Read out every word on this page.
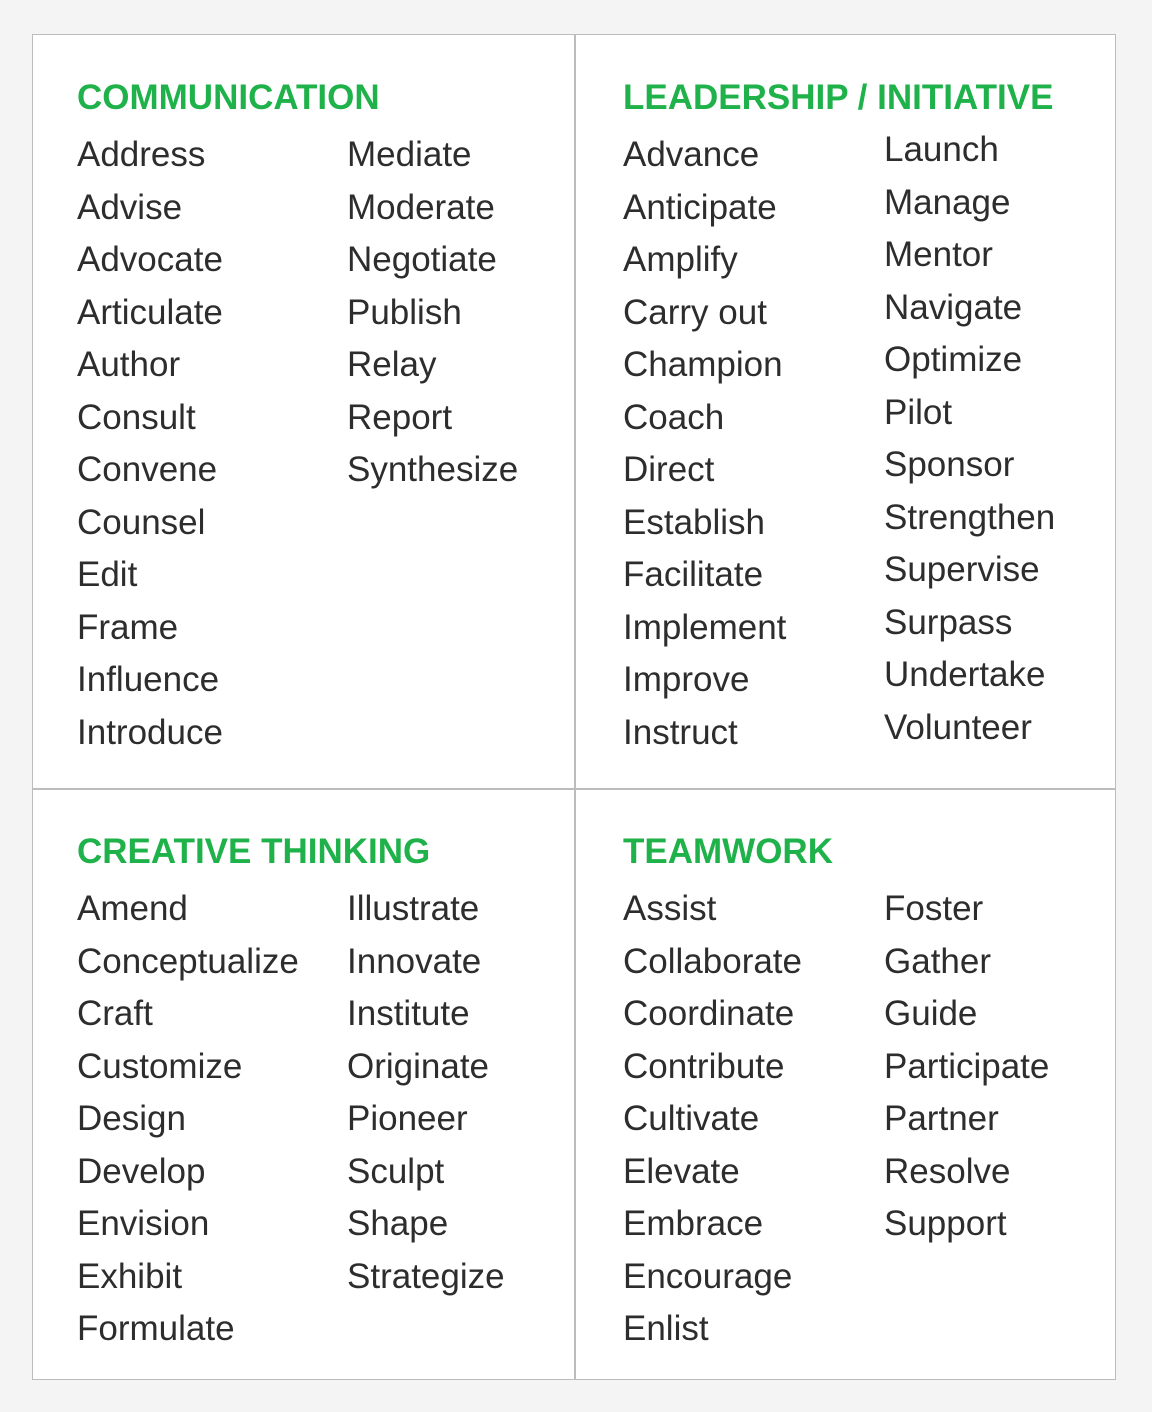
COMMUNICATION
Address
Advise
Advocate
Articulate
Author
Consult
Convene
Counsel
Edit
Frame
Influence
Introduce
Mediate
Moderate
Negotiate
Publish
Relay
Report
Synthesize
LEADERSHIP / INITIATIVE
Advance
Anticipate
Amplify
Carry out
Champion
Coach
Direct
Establish
Facilitate
Implement
Improve
Instruct
Launch
Manage
Mentor
Navigate
Optimize
Pilot
Sponsor
Strengthen
Supervise
Surpass
Undertake
Volunteer
CREATIVE THINKING
Amend
Conceptualize
Craft
Customize
Design
Develop
Envision
Exhibit
Formulate
Illustrate
Innovate
Institute
Originate
Pioneer
Sculpt
Shape
Strategize
TEAMWORK
Assist
Collaborate
Coordinate
Contribute
Cultivate
Elevate
Embrace
Encourage
Enlist
Foster
Gather
Guide
Participate
Partner
Resolve
Support
